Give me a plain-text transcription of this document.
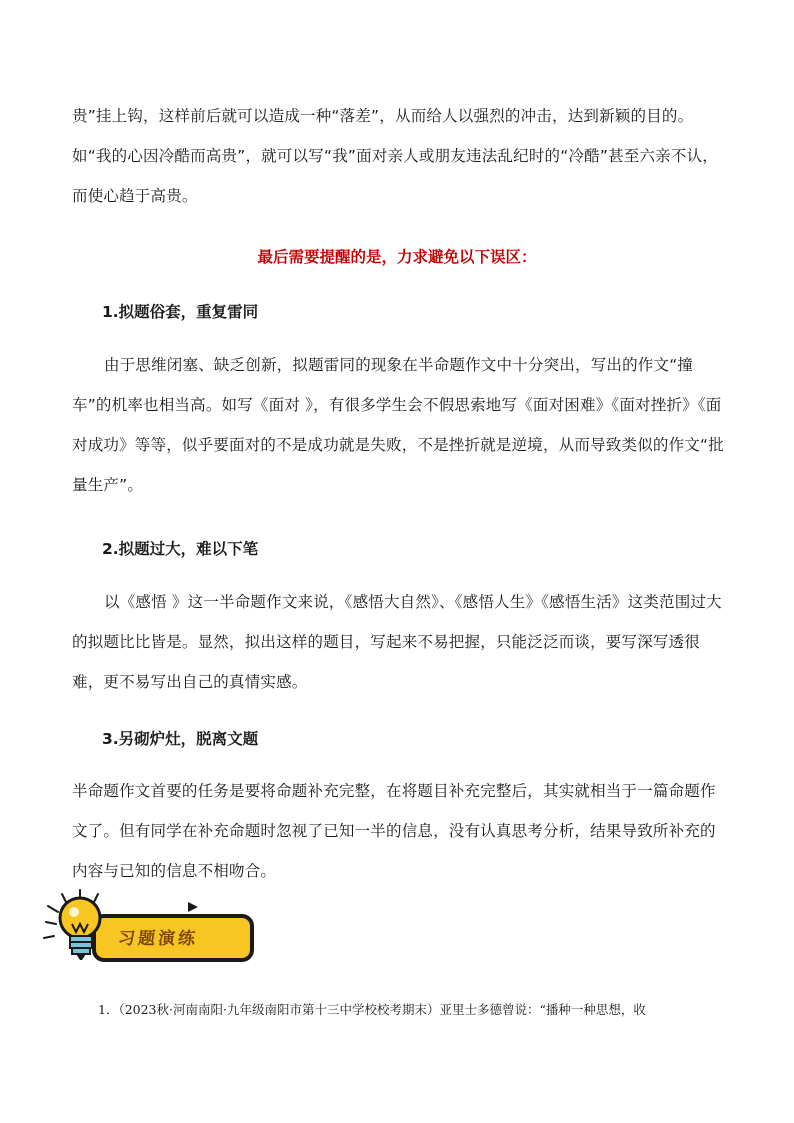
贵”挂上钩，这样前后就可以造成一种“落差”，从而给人以强烈的冲击，达到新颖的目的。如“我的心因冷酷而高贵”，就可以写“我”面对亲人或朋友违法乱纪时的“冷酷”甚至六亲不认，而使心趋于高贵。

最后需要提醒的是，力求避免以下误区：

1.拟题俗套，重复雷同

由于思维闭塞、缺乏创新，拟题雷同的现象在半命题作文中十分突出，写出的作文“撞车”的机率也相当高。如写《面对 》，有很多学生会不假思索地写《面对困难》《面对挫折》《面对成功》等等，似乎要面对的不是成功就是失败，不是挫折就是逆境，从而导致类似的作文“批量生产”。

2.拟题过大，难以下笔

以《感悟 》这一半命题作文来说，《感悟大自然》、《感悟人生》《感悟生活》这类范围过大的拟题比比皆是。显然，拟出这样的题目，写起来不易把握，只能泛泛而谈，要写深写透很难，更不易写出自己的真情实感。

3.另砌炉灶，脱离文题

半命题作文首要的任务是要将命题补充完整，在将题目补充完整后，其实就相当于一篇命题作文了。但有同学在补充命题时忽视了已知一半的信息，没有认真思考分析，结果导致所补充的内容与已知的信息不相吻合。

习题演练

1．（2023秋·河南南阳·九年级南阳市第十三中学校校考期末）亚里士多德曾说：“播种一种思想，收
